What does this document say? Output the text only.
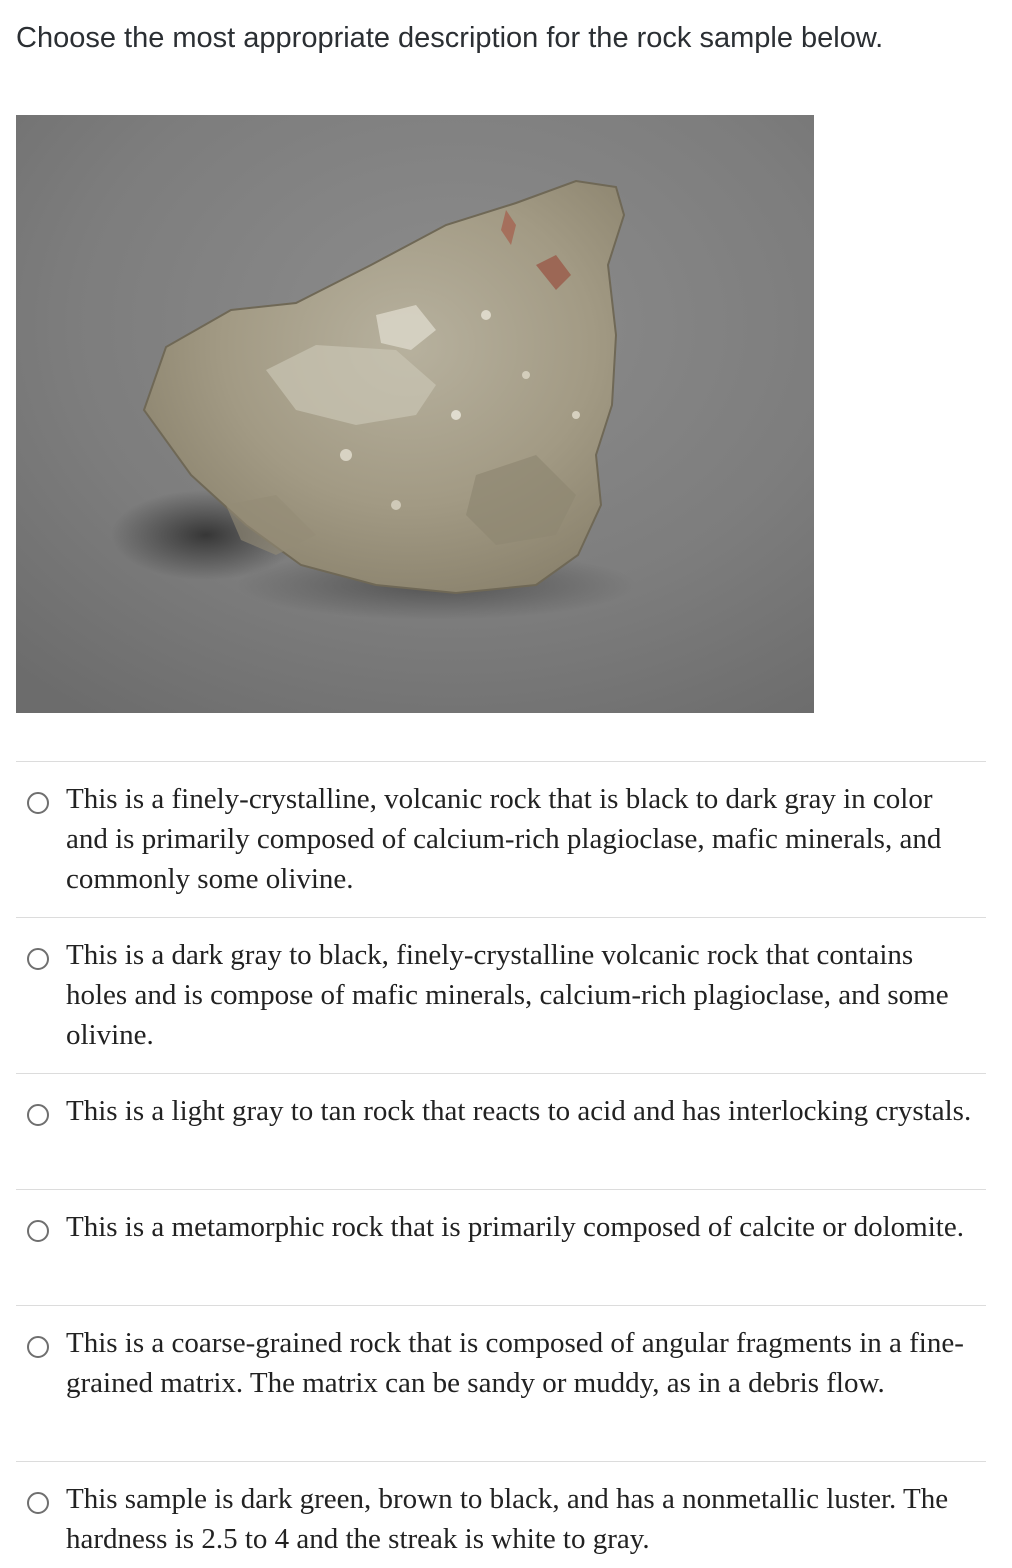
Choose the most appropriate description for the rock sample below.

This is a finely-crystalline, volcanic rock that is black to dark gray in color and is primarily composed of calcium-rich plagioclase, mafic minerals, and commonly some olivine.
This is a dark gray to black, finely-crystalline volcanic rock that contains holes and is compose of mafic minerals, calcium-rich plagioclase, and some olivine.
This is a light gray to tan rock that reacts to acid and has interlocking crystals.
This is a metamorphic rock that is primarily composed of calcite or dolomite.
This is a coarse-grained rock that is composed of angular fragments in a fine-grained matrix. The matrix can be sandy or muddy, as in a debris flow.
This sample is dark green, brown to black, and has a nonmetallic luster. The hardness is 2.5 to 4 and the streak is white to gray.
